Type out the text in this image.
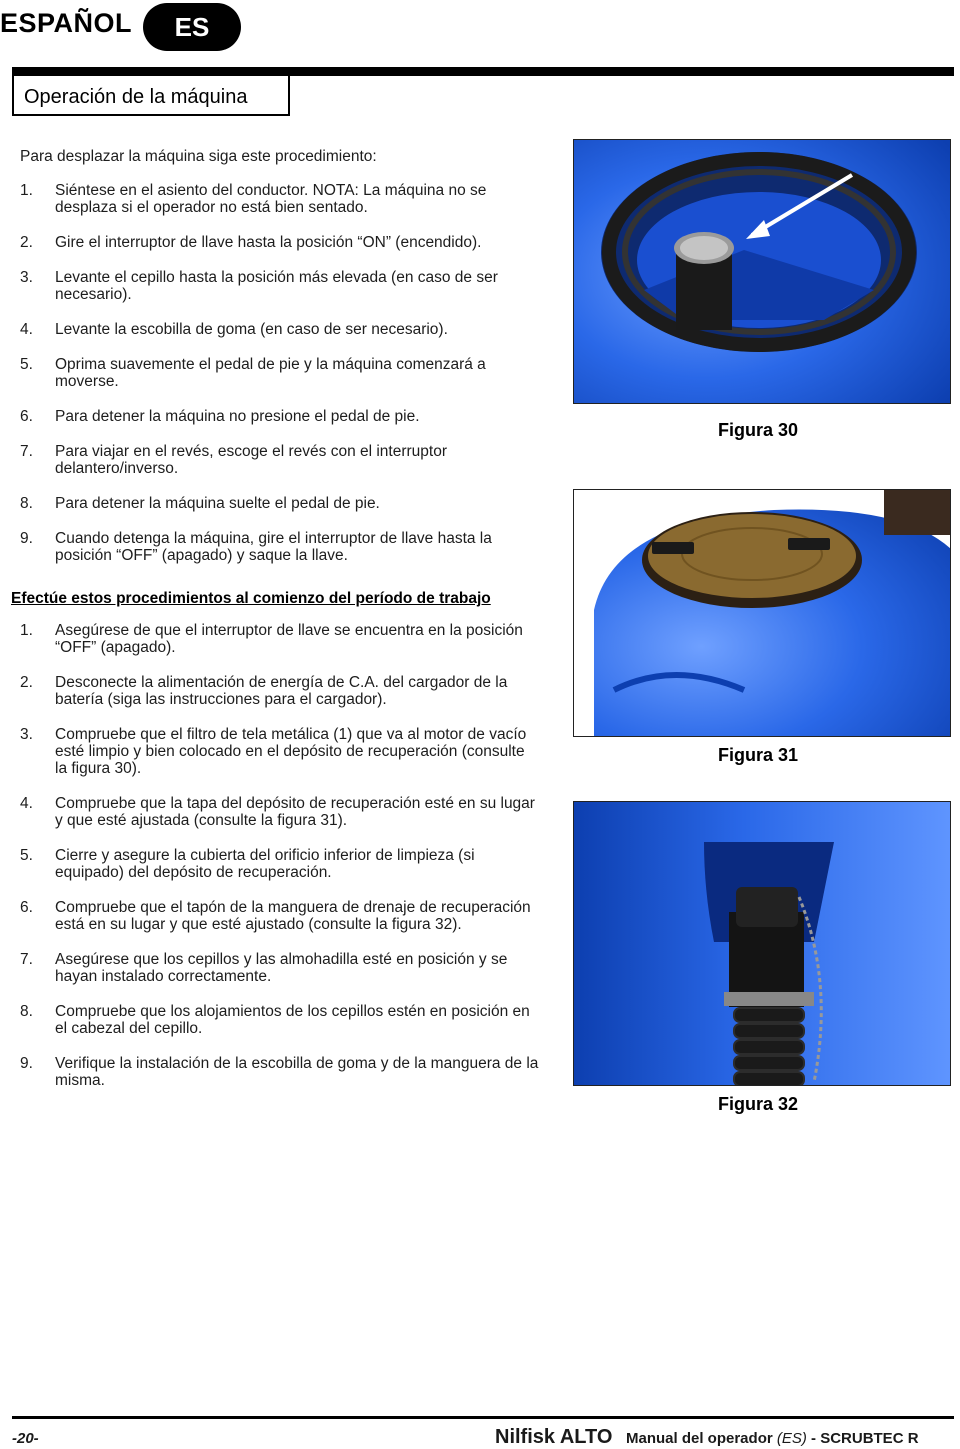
ESPAÑOL	ES
Operación de la máquina

Para desplazar la máquina siga este procedimiento:

1.	Siéntese en el asiento del conductor. NOTA: La máquina no se desplaza si el operador no está bien sentado.
2.	Gire el interruptor de llave hasta la posición “ON” (encendido).
3.	Levante el cepillo hasta la posición más elevada (en caso de ser necesario).
4.	Levante la escobilla de goma (en caso de ser necesario).
5.	Oprima suavemente el pedal de pie y la máquina comenzará a moverse.
6.	Para detener la máquina no presione el pedal de pie.
7.	Para viajar en el revés, escoge el revés con el interruptor delantero/inverso.
8.	Para detener la máquina suelte el pedal de pie.
9.	Cuando detenga la máquina, gire el interruptor de llave hasta la posición “OFF” (apagado) y saque la llave.
Efectúe estos procedimientos al comienzo del período de trabajo
1.	Asegúrese de que el interruptor de llave se encuentra en la posición “OFF” (apagado).
2.	Desconecte la alimentación de energía de C.A. del cargador de la batería (siga las instrucciones para el cargador).
3.	Compruebe que el filtro de tela metálica (1) que va al motor de vacío esté limpio y bien colocado en el depósito de recuperación (consulte la figura 30).
4.	Compruebe que la tapa del depósito de recuperación esté en su lugar y que esté ajustada (consulte la figura 31).
5.	Cierre y asegure la cubierta del orificio inferior de limpieza (si equipado) del depósito de recuperación.
6.	Compruebe que el tapón de la manguera de drenaje de recuperación está en su lugar y que esté ajustado (consulte la figura 32).
7.	Asegúrese que los cepillos y las almohadilla esté en posición y se hayan instalado correctamente.
8.	Compruebe que los alojamientos de los cepillos estén en posición en el cabezal del cepillo.
9.	Verifique la instalación de la escobilla de goma y de la manguera de la misma.
Figura 30
Figura 31
Figura 32
-20-	Nilfisk ALTO Manual del operador (ES) - SCRUBTEC R
